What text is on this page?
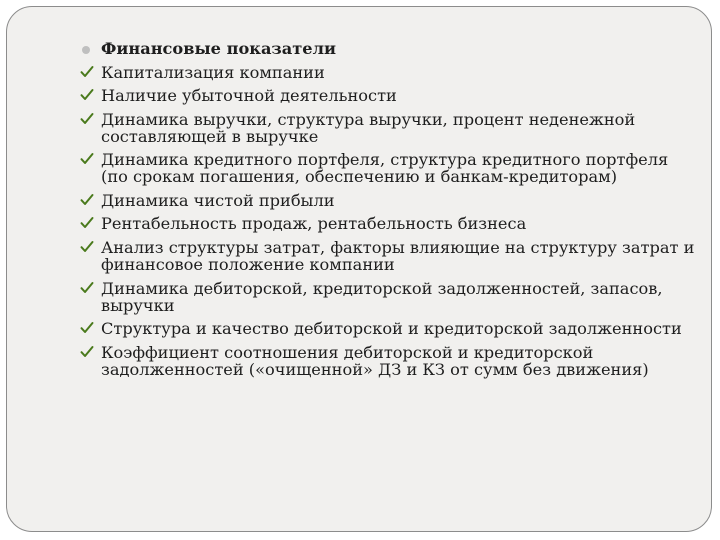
Финансовые показатели
Капитализация компании
Наличие убыточной деятельности
Динамика выручки, структура выручки, процент неденежной составляющей в выручке
Динамика кредитного портфеля, структура кредитного портфеля (по срокам погашения, обеспечению и банкам-кредиторам)
Динамика чистой прибыли
Рентабельность продаж, рентабельность бизнеса
Анализ структуры затрат, факторы влияющие на структуру затрат и финансовое положение компании
Динамика дебиторской, кредиторской задолженностей, запасов, выручки
Структура и качество дебиторской и кредиторской задолженности
Коэффициент соотношения дебиторской и кредиторской задолженностей («очищенной» ДЗ и КЗ от сумм без движения)
